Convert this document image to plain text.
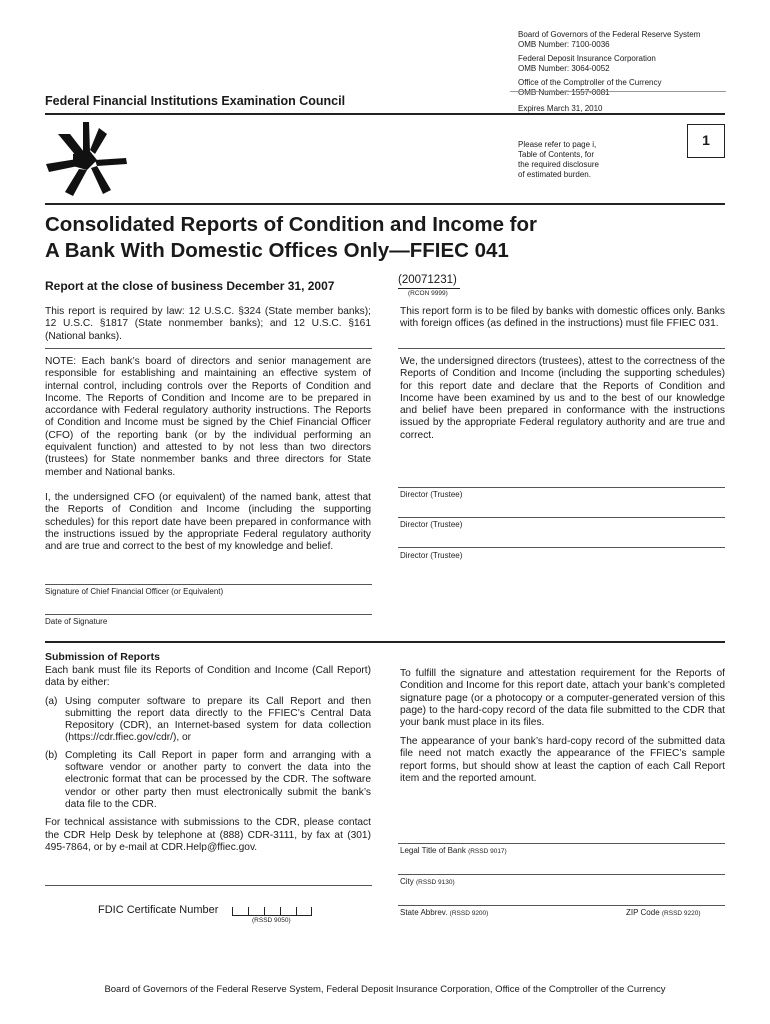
Board of Governors of the Federal Reserve System
OMB Number: 7100-0036
Federal Deposit Insurance Corporation
OMB Number: 3064-0052
Office of the Comptroller of the Currency
OMB Number: 1557-0081
Expires March 31, 2010
Federal Financial Institutions Examination Council
1
Please refer to page i,
Table of Contents, for
the required disclosure
of estimated burden.
Consolidated Reports of Condition and Income for
A Bank With Domestic Offices Only—FFIEC 041
Report at the close of business December 31, 2007	(20071231)
(RCON 9999)
This report is required by law: 12 U.S.C. §324 (State member banks); 12 U.S.C. §1817 (State nonmember banks); and 12 U.S.C. §161 (National banks).
This report form is to be filed by banks with domestic offices only. Banks with foreign offices (as defined in the instructions) must file FFIEC 031.
NOTE: Each bank’s board of directors and senior management are responsible for establishing and maintaining an effective system of internal control, including controls over the Reports of Condition and Income. The Reports of Condition and Income are to be prepared in accordance with Federal regulatory authority instructions. The Reports of Condition and Income must be signed by the Chief Financial Officer (CFO) of the reporting bank (or by the individual performing an equivalent function) and attested to by not less than two directors (trustees) for State nonmember banks and three directors for State member and National banks.
We, the undersigned directors (trustees), attest to the correctness of the Reports of Condition and Income (including the supporting schedules) for this report date and declare that the Reports of Condition and Income have been examined by us and to the best of our knowledge and belief have been prepared in conformance with the instructions issued by the appropriate Federal regulatory authority and are true and correct.
I, the undersigned CFO (or equivalent) of the named bank, attest that the Reports of Condition and Income (including the supporting schedules) for this report date have been prepared in conformance with the instructions issued by the appropriate Federal regulatory authority and are true and correct to the best of my knowledge and belief.
Director (Trustee)
Director (Trustee)
Director (Trustee)
Signature of Chief Financial Officer (or Equivalent)
Date of Signature
Submission of Reports
Each bank must file its Reports of Condition and Income (Call Report) data by either:
(a) Using computer software to prepare its Call Report and then submitting the report data directly to the FFIEC’s Central Data Repository (CDR), an Internet-based system for data collection (https://cdr.ffiec.gov/cdr/), or
(b) Completing its Call Report in paper form and arranging with a software vendor or another party to convert the data into the electronic format that can be processed by the CDR. The software vendor or other party then must electronically submit the bank’s data file to the CDR.
For technical assistance with submissions to the CDR, please contact the CDR Help Desk by telephone at (888) CDR-3111, by fax at (301) 495-7864, or by e-mail at CDR.Help@ffiec.gov.
To fulfill the signature and attestation requirement for the Reports of Condition and Income for this report date, attach your bank’s completed signature page (or a photocopy or a computer-generated version of this page) to the hard-copy record of the data file submitted to the CDR that your bank must place in its files.
The appearance of your bank’s hard-copy record of the submitted data file need not match exactly the appearance of the FFIEC’s sample report forms, but should show at least the caption of each Call Report item and the reported amount.
Legal Title of Bank (RSSD 9017)
City (RSSD 9130)
State Abbrev. (RSSD 9200)	ZIP Code (RSSD 9220)
FDIC Certificate Number
(RSSD 9050)
Board of Governors of the Federal Reserve System, Federal Deposit Insurance Corporation, Office of the Comptroller of the Currency
